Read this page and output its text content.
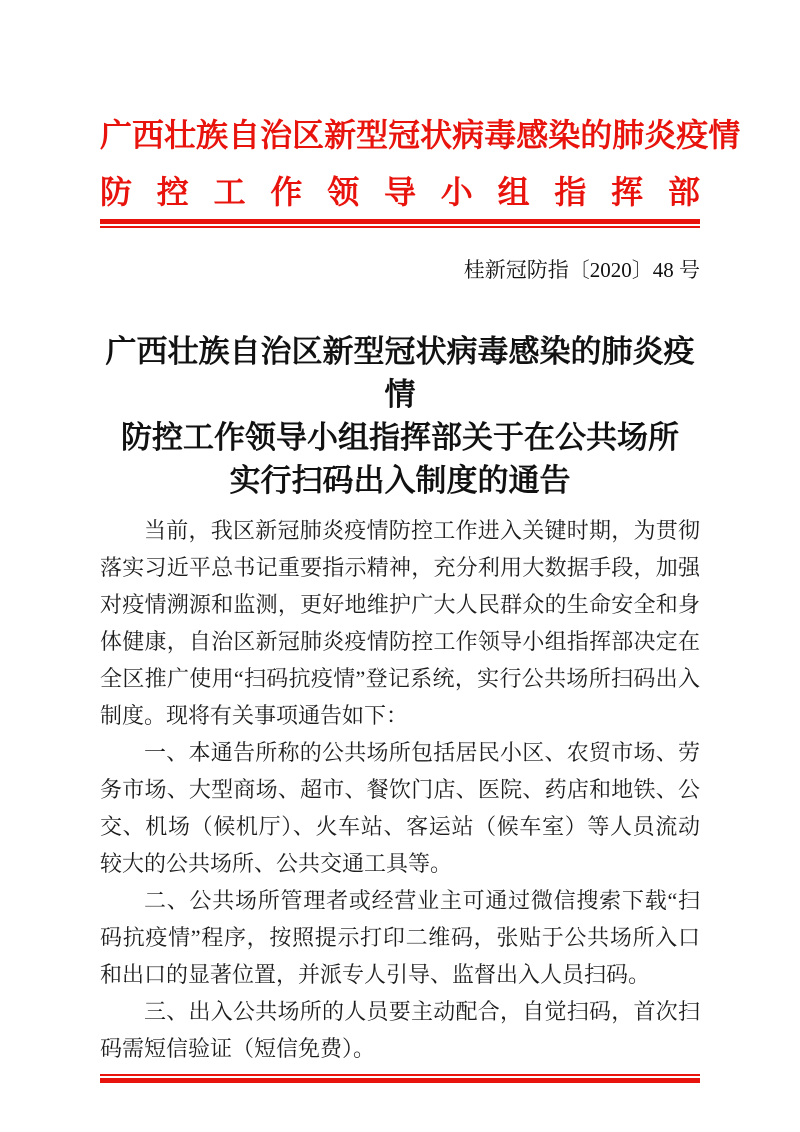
广 西 壮 族 自 治 区 新 型 冠 状 病 毒 感 染 的 肺 炎 疫 情
防 控 工 作 领 导 小 组 指 挥 部
桂新冠防指〔2020〕48 号
广西壮族自治区新型冠状病毒感染的肺炎疫情
防控工作领导小组指挥部关于在公共场所
实行扫码出入制度的通告

当前，我区新冠肺炎疫情防控工作进入关键时期，为贯彻落实习近平总书记重要指示精神，充分利用大数据手段，加强对疫情溯源和监测，更好地维护广大人民群众的生命安全和身体健康，自治区新冠肺炎疫情防控工作领导小组指挥部决定在全区推广使用“扫码抗疫情”登记系统，实行公共场所扫码出入制度。现将有关事项通告如下：

一、本通告所称的公共场所包括居民小区、农贸市场、劳务市场、大型商场、超市、餐饮门店、医院、药店和地铁、公交、机场（候机厅）、火车站、客运站（候车室）等人员流动较大的公共场所、公共交通工具等。

二、公共场所管理者或经营业主可通过微信搜索下载“扫码抗疫情”程序，按照提示打印二维码，张贴于公共场所入口和出口的显著位置，并派专人引导、监督出入人员扫码。

三、出入公共场所的人员要主动配合，自觉扫码，首次扫码需短信验证（短信免费）。
